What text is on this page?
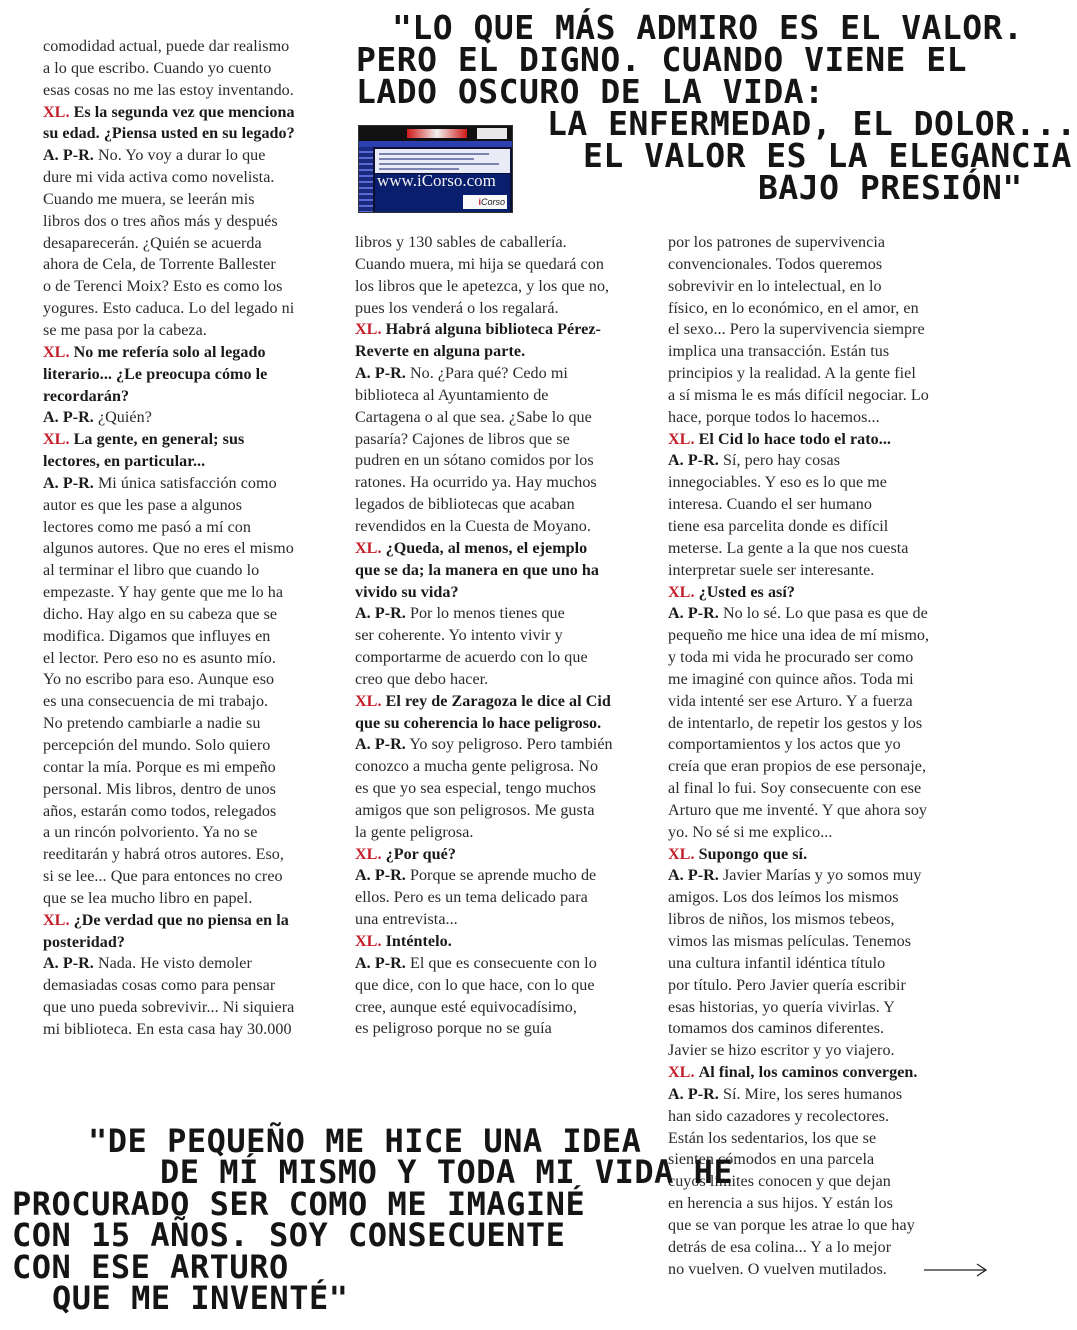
"LO QUE MÁS ADMIRO ES EL VALOR.
PERO EL DIGNO. CUANDO VIENE EL
LADO OSCURO DE LA VIDA:
LA ENFERMEDAD, EL DOLOR...
EL VALOR ES LA ELEGANCIA
BAJO PRESIÓN"
www.iCorso.com
iCorso
comodidad actual, puede dar realismo
a lo que escribo. Cuando yo cuento
esas cosas no me las estoy inventando.
XL. Es la segunda vez que menciona
su edad. ¿Piensa usted en su legado?
A. P-R. No. Yo voy a durar lo que
dure mi vida activa como novelista.
Cuando me muera, se leerán mis
libros dos o tres años más y después
desaparecerán. ¿Quién se acuerda
ahora de Cela, de Torrente Ballester
o de Terenci Moix? Esto es como los
yogures. Esto caduca. Lo del legado ni
se me pasa por la cabeza.
XL. No me refería solo al legado
literario... ¿Le preocupa cómo le
recordarán?
A. P-R. ¿Quién?
XL. La gente, en general; sus
lectores, en particular...
A. P-R. Mi única satisfacción como
autor es que les pase a algunos
lectores como me pasó a mí con
algunos autores. Que no eres el mismo
al terminar el libro que cuando lo
empezaste. Y hay gente que me lo ha
dicho. Hay algo en su cabeza que se
modifica. Digamos que influyes en
el lector. Pero eso no es asunto mío.
Yo no escribo para eso. Aunque eso
es una consecuencia de mi trabajo.
No pretendo cambiarle a nadie su
percepción del mundo. Solo quiero
contar la mía. Porque es mi empeño
personal. Mis libros, dentro de unos
años, estarán como todos, relegados
a un rincón polvoriento. Ya no se
reeditarán y habrá otros autores. Eso,
si se lee... Que para entonces no creo
que se lea mucho libro en papel.
XL. ¿De verdad que no piensa en la
posteridad?
A. P-R. Nada. He visto demoler
demasiadas cosas como para pensar
que uno pueda sobrevivir... Ni siquiera
mi biblioteca. En esta casa hay 30.000
libros y 130 sables de caballería.
Cuando muera, mi hija se quedará con
los libros que le apetezca, y los que no,
pues los venderá o los regalará.
XL. Habrá alguna biblioteca Pérez-
Reverte en alguna parte.
A. P-R. No. ¿Para qué? Cedo mi
biblioteca al Ayuntamiento de
Cartagena o al que sea. ¿Sabe lo que
pasaría? Cajones de libros que se
pudren en un sótano comidos por los
ratones. Ha ocurrido ya. Hay muchos
legados de bibliotecas que acaban
revendidos en la Cuesta de Moyano.
XL. ¿Queda, al menos, el ejemplo
que se da; la manera en que uno ha
vivido su vida?
A. P-R. Por lo menos tienes que
ser coherente. Yo intento vivir y
comportarme de acuerdo con lo que
creo que debo hacer.
XL. El rey de Zaragoza le dice al Cid
que su coherencia lo hace peligroso.
A. P-R. Yo soy peligroso. Pero también
conozco a mucha gente peligrosa. No
es que yo sea especial, tengo muchos
amigos que son peligrosos. Me gusta
la gente peligrosa.
XL. ¿Por qué?
A. P-R. Porque se aprende mucho de
ellos. Pero es un tema delicado para
una entrevista...
XL. Inténtelo.
A. P-R. El que es consecuente con lo
que dice, con lo que hace, con lo que
cree, aunque esté equivocadísimo,
es peligroso porque no se guía
por los patrones de supervivencia
convencionales. Todos queremos
sobrevivir en lo intelectual, en lo
físico, en lo económico, en el amor, en
el sexo... Pero la supervivencia siempre
implica una transacción. Están tus
principios y la realidad. A la gente fiel
a sí misma le es más difícil negociar. Lo
hace, porque todos lo hacemos...
XL. El Cid lo hace todo el rato...
A. P-R. Sí, pero hay cosas
innegociables. Y eso es lo que me
interesa. Cuando el ser humano
tiene esa parcelita donde es difícil
meterse. La gente a la que nos cuesta
interpretar suele ser interesante.
XL. ¿Usted es así?
A. P-R. No lo sé. Lo que pasa es que de
pequeño me hice una idea de mí mismo,
y toda mi vida he procurado ser como
me imaginé con quince años. Toda mi
vida intenté ser ese Arturo. Y a fuerza
de intentarlo, de repetir los gestos y los
comportamientos y los actos que yo
creía que eran propios de ese personaje,
al final lo fui. Soy consecuente con ese
Arturo que me inventé. Y que ahora soy
yo. No sé si me explico...
XL. Supongo que sí.
A. P-R. Javier Marías y yo somos muy
amigos. Los dos leímos los mismos
libros de niños, los mismos tebeos,
vimos las mismas películas. Tenemos
una cultura infantil idéntica título
por título. Pero Javier quería escribir
esas historias, yo quería vivirlas. Y
tomamos dos caminos diferentes.
Javier se hizo escritor y yo viajero.
XL. Al final, los caminos convergen.
A. P-R. Sí. Mire, los seres humanos
han sido cazadores y recolectores.
Están los sedentarios, los que se
sienten cómodos en una parcela
cuyos límites conocen y que dejan
en herencia a sus hijos. Y están los
que se van porque les atrae lo que hay
detrás de esa colina... Y a lo mejor
no vuelven. O vuelven mutilados.
"DE PEQUEÑO ME HICE UNA IDEA
DE MÍ MISMO Y TODA MI VIDA HE
PROCURADO SER COMO ME IMAGINÉ
CON 15 AÑOS. SOY CONSECUENTE
CON ESE ARTURO
QUE ME INVENTÉ"
